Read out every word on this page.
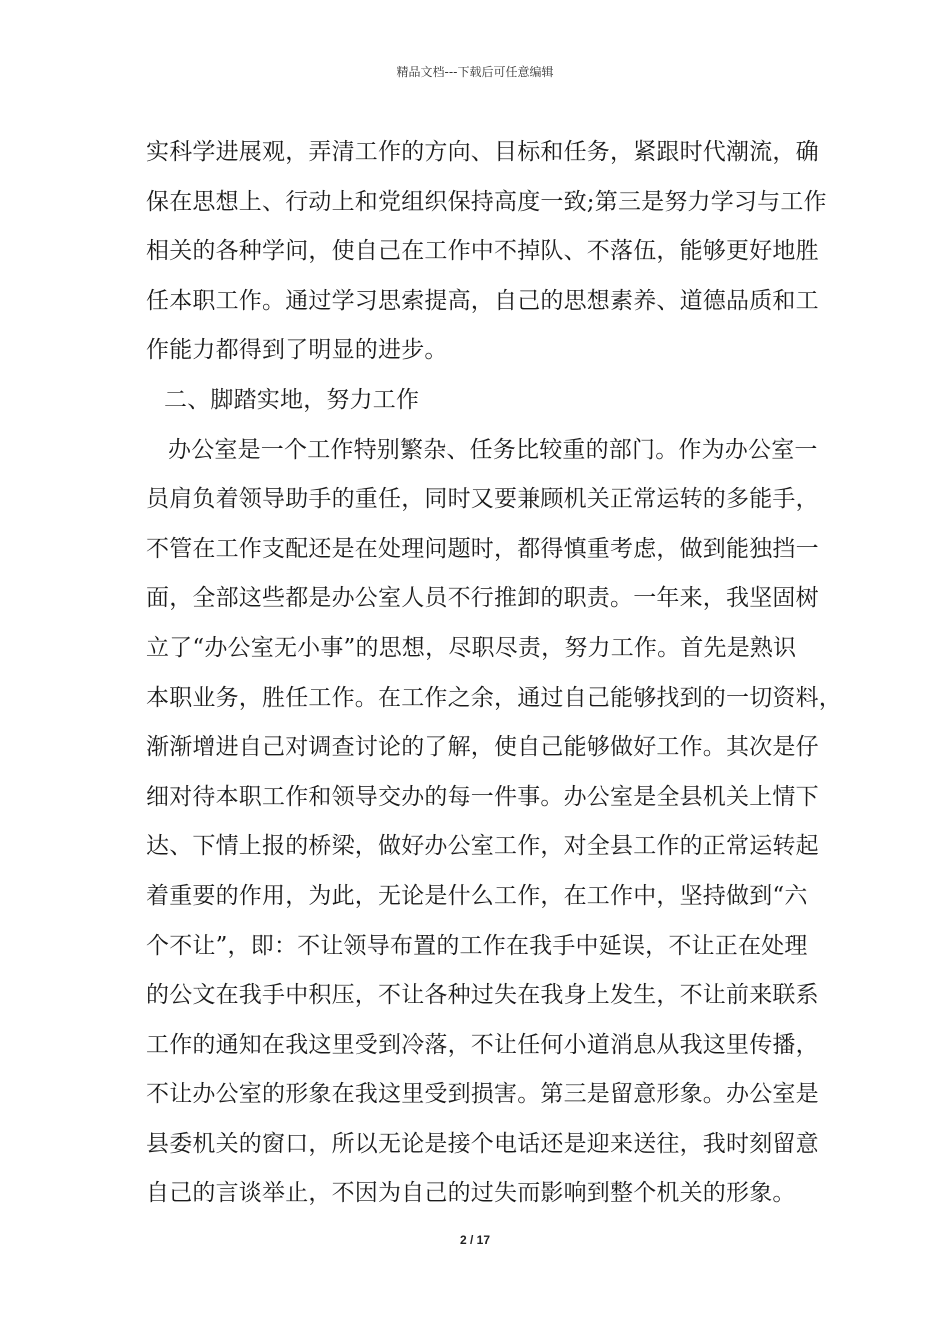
精品文档---下载后可任意编辑
实科学进展观，弄清工作的方向、目标和任务，紧跟时代潮流，确
保在思想上、行动上和党组织保持高度一致;第三是努力学习与工作
相关的各种学问，使自己在工作中不掉队、不落伍，能够更好地胜
任本职工作。通过学习思索提高，自己的思想素养、道德品质和工
作能力都得到了明显的进步。
二、脚踏实地，努力工作
办公室是一个工作特别繁杂、任务比较重的部门。作为办公室一
员肩负着领导助手的重任，同时又要兼顾机关正常运转的多能手，
不管在工作支配还是在处理问题时，都得慎重考虑，做到能独挡一
面，全部这些都是办公室人员不行推卸的职责。一年来，我坚固树
立了“办公室无小事”的思想，尽职尽责，努力工作。首先是熟识
本职业务，胜任工作。在工作之余，通过自己能够找到的一切资料，
渐渐增进自己对调查讨论的了解，使自己能够做好工作。其次是仔
细对待本职工作和领导交办的每一件事。办公室是全县机关上情下
达、下情上报的桥梁，做好办公室工作，对全县工作的正常运转起
着重要的作用，为此，无论是什么工作，在工作中，坚持做到“六
个不让”，即：不让领导布置的工作在我手中延误，不让正在处理
的公文在我手中积压，不让各种过失在我身上发生，不让前来联系
工作的通知在我这里受到冷落，不让任何小道消息从我这里传播，
不让办公室的形象在我这里受到损害。第三是留意形象。办公室是
县委机关的窗口，所以无论是接个电话还是迎来送往，我时刻留意
自己的言谈举止，不因为自己的过失而影响到整个机关的形象。
2 / 17
